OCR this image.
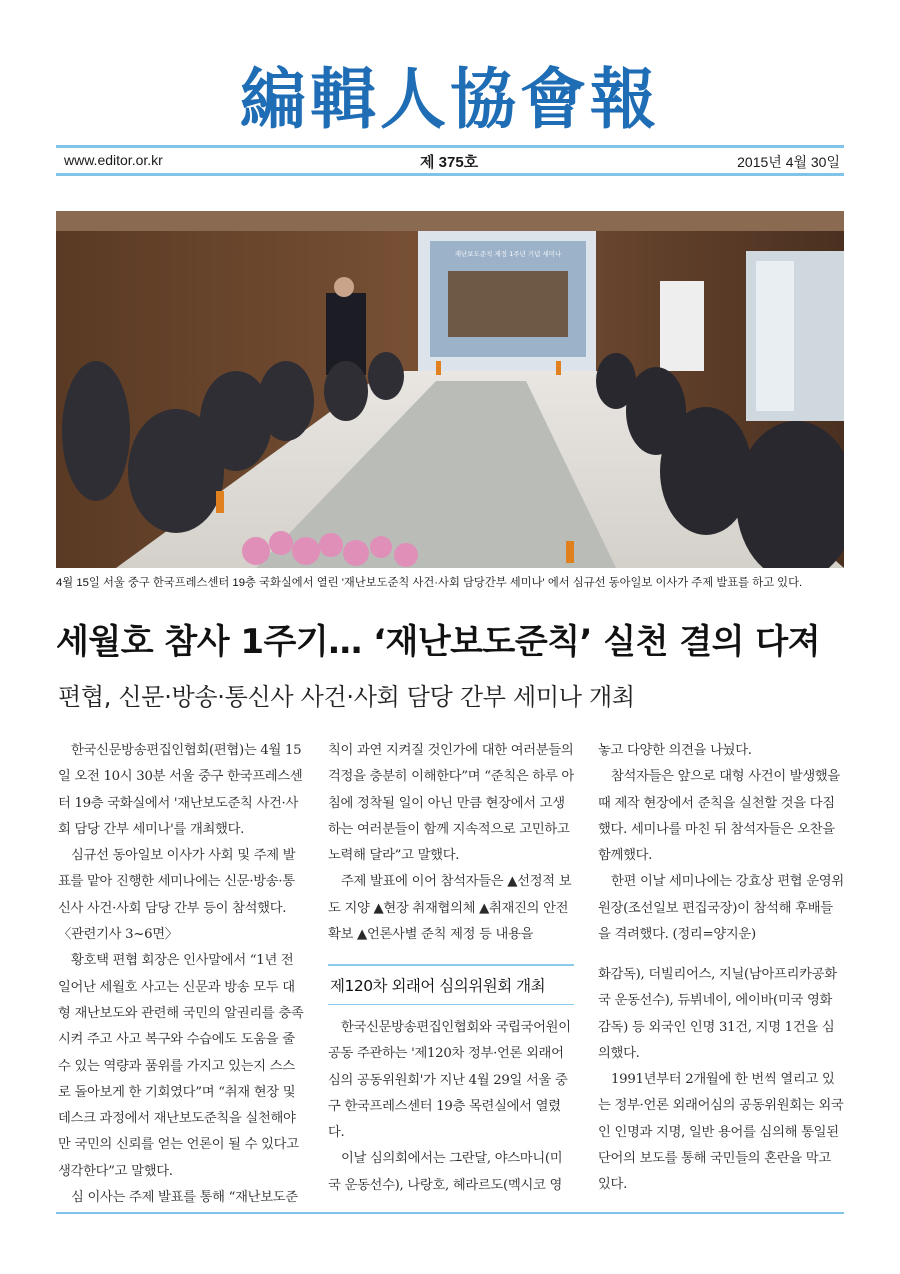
編輯人協會報
www.editor.or.kr	제 375호	2015년 4월 30일
재난보도준칙 제정 1주년 기념 세미나
4월 15일 서울 중구 한국프레스센터 19층 국화실에서 열린 '재난보도준칙 사건·사회 담당간부 세미나' 에서 심규선 동아일보 이사가 주제 발표를 하고 있다.
세월호 참사 1주기… ‘재난보도준칙’ 실천 결의 다져
편협, 신문·방송·통신사 사건·사회 담당 간부 세미나 개최

한국신문방송편집인협회(편협)는 4월 15일 오전 10시 30분 서울 중구 한국프레스센터 19층 국화실에서 '재난보도준칙 사건·사회 담당 간부 세미나'를 개최했다.

심규선 동아일보 이사가 사회 및 주제 발표를 맡아 진행한 세미나에는 신문·방송·통신사 사건·사회 담당 간부 등이 참석했다. 〈관련기사 3~6면〉

황호택 편협 회장은 인사말에서 “1년 전 일어난 세월호 사고는 신문과 방송 모두 대형 재난보도와 관련해 국민의 알권리를 충족시켜 주고 사고 복구와 수습에도 도움을 줄 수 있는 역량과 품위를 가지고 있는지 스스로 돌아보게 한 기회였다”며 “취재 현장 및 데스크 과정에서 재난보도준칙을 실천해야만 국민의 신뢰를 얻는 언론이 될 수 있다고 생각한다”고 말했다.

심 이사는 주제 발표를 통해 “재난보도준

칙이 과연 지켜질 것인가에 대한 여러분들의 걱정을 충분히 이해한다”며 “준칙은 하루 아침에 정착될 일이 아닌 만큼 현장에서 고생하는 여러분들이 함께 지속적으로 고민하고 노력해 달라”고 말했다.

주제 발표에 이어 참석자들은 ▲선정적 보도 지양 ▲현장 취재협의체 ▲취재진의 안전 확보 ▲언론사별 준칙 제정 등 내용을

놓고 다양한 의견을 나눴다.

참석자들은 앞으로 대형 사건이 발생했을 때 제작 현장에서 준칙을 실천할 것을 다짐했다. 세미나를 마친 뒤 참석자들은 오찬을 함께했다.

한편 이날 세미나에는 강효상 편협 운영위원장(조선일보 편집국장)이 참석해 후배들을 격려했다. (정리=양지운)

제120차 외래어 심의위원회 개최

한국신문방송편집인협회와 국립국어원이 공동 주관하는 '제120차 정부·언론 외래어심의 공동위원회'가 지난 4월 29일 서울 중구 한국프레스센터 19층 목련실에서 열렸다.

이날 심의회에서는 그란달, 야스마니(미국 운동선수), 나랑호, 헤라르도(멕시코 영

화감독), 더빌리어스, 지닐(남아프리카공화국 운동선수), 듀뷔네이, 에이바(미국 영화감독) 등 외국인 인명 31건, 지명 1건을 심의했다.

1991년부터 2개월에 한 번씩 열리고 있는 정부·언론 외래어심의 공동위원회는 외국인 인명과 지명, 일반 용어를 심의해 통일된 단어의 보도를 통해 국민들의 혼란을 막고 있다.
